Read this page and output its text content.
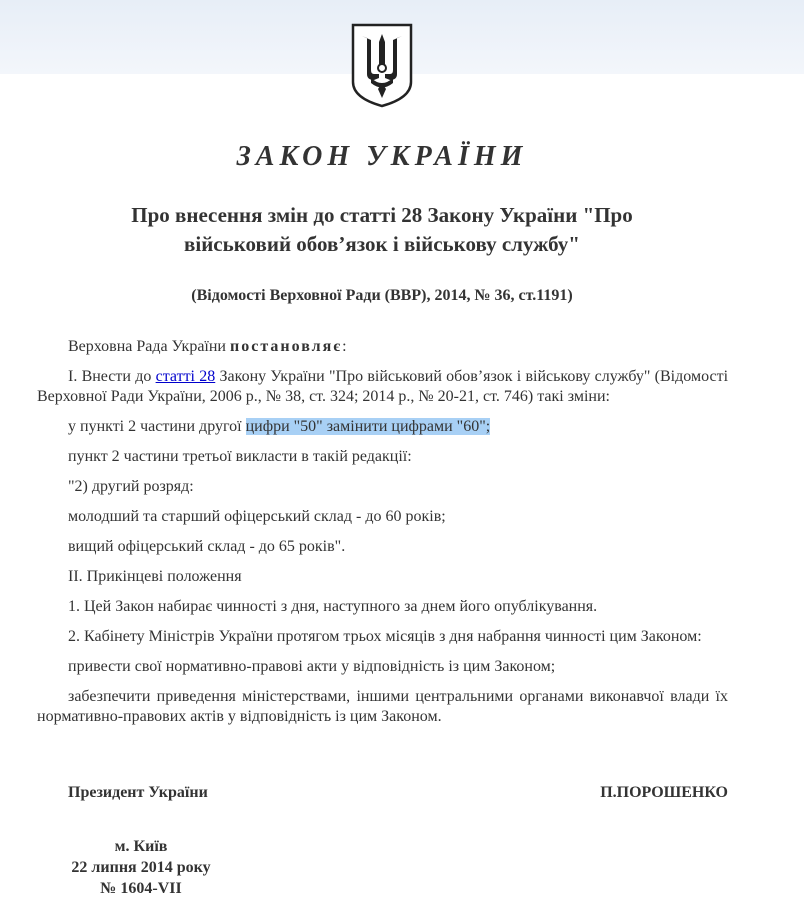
ЗАКОН УКРАЇНИ
Про внесення змін до статті 28 Закону України "Про
військовий обов’язок і військову службу"
(Відомості Верховної Ради (ВВР), 2014, № 36, ст.1191)

Верховна Рада України постановляє:

I. Внести до статті 28 Закону України "Про військовий обов’язок і військову службу" (Відомості Верховної Ради України, 2006 р., № 38, ст. 324; 2014 р., № 20-21, ст. 746) такі зміни:

у пункті 2 частини другої цифри "50" замінити цифрами "60";

пункт 2 частини третьої викласти в такій редакції:

"2) другий розряд:

молодший та старший офіцерський склад - до 60 років;

вищий офіцерський склад - до 65 років".

II. Прикінцеві положення

1. Цей Закон набирає чинності з дня, наступного за днем його опублікування.

2. Кабінету Міністрів України протягом трьох місяців з дня набрання чинності цим Законом:

привести свої нормативно-правові акти у відповідність із цим Законом;

забезпечити приведення міністерствами, іншими центральними органами виконавчої влади їх нормативно-правових актів у відповідність із цим Законом.

Президент України	П.ПОРОШЕНКО
м. Київ
22 липня 2014 року
№ 1604-VII
